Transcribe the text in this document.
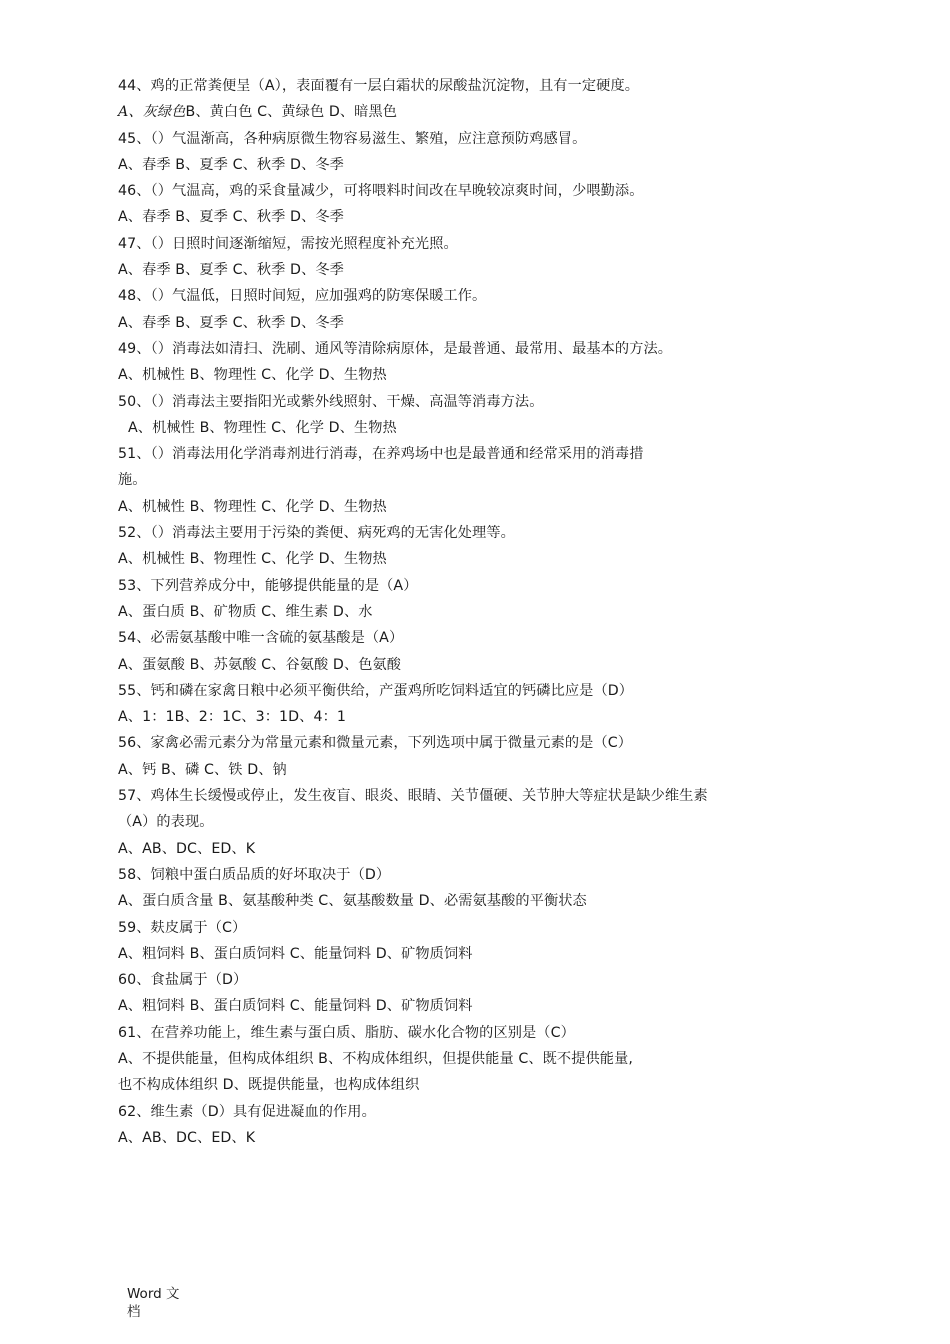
44、鸡的正常粪便呈（A），表面覆有一层白霜状的尿酸盐沉淀物，且有一定硬度。
A、灰绿色B、黄白色 C、黄绿色 D、暗黑色
45、（）气温渐高，各种病原微生物容易滋生、繁殖，应注意预防鸡感冒。
A、春季 B、夏季 C、秋季 D、冬季
46、（）气温高，鸡的采食量减少，可将喂料时间改在早晚较凉爽时间，少喂勤添。
A、春季 B、夏季 C、秋季 D、冬季
47、（）日照时间逐渐缩短，需按光照程度补充光照。
A、春季 B、夏季 C、秋季 D、冬季
48、（）气温低，日照时间短，应加强鸡的防寒保暖工作。
A、春季 B、夏季 C、秋季 D、冬季
49、（）消毒法如清扫、洗刷、通风等清除病原体，是最普通、最常用、最基本的方法。
A、机械性 B、物理性 C、化学 D、生物热
50、（）消毒法主要指阳光或紫外线照射、干燥、高温等消毒方法。
A、机械性 B、物理性 C、化学 D、生物热
51、（）消毒法用化学消毒剂进行消毒，在养鸡场中也是最普通和经常采用的消毒措
施。
A、机械性 B、物理性 C、化学 D、生物热
52、（）消毒法主要用于污染的粪便、病死鸡的无害化处理等。
A、机械性 B、物理性 C、化学 D、生物热
53、下列营养成分中，能够提供能量的是（A）
A、蛋白质 B、矿物质 C、维生素 D、水
54、必需氨基酸中唯一含硫的氨基酸是（A）
A、蛋氨酸 B、苏氨酸 C、谷氨酸 D、色氨酸
55、钙和磷在家禽日粮中必须平衡供给，产蛋鸡所吃饲料适宜的钙磷比应是（D）
A、1：1B、2：1C、3：1D、4：1
56、家禽必需元素分为常量元素和微量元素，下列选项中属于微量元素的是（C）
A、钙 B、磷 C、铁 D、钠
57、鸡体生长缓慢或停止，发生夜盲、眼炎、眼睛、关节僵硬、关节肿大等症状是缺少维生素
（A）的表现。
A、AB、DC、ED、K
58、饲粮中蛋白质品质的好坏取决于（D）
A、蛋白质含量 B、氨基酸种类 C、氨基酸数量 D、必需氨基酸的平衡状态
59、麸皮属于（C）
A、粗饲料 B、蛋白质饲料 C、能量饲料 D、矿物质饲料
60、食盐属于（D）
A、粗饲料 B、蛋白质饲料 C、能量饲料 D、矿物质饲料
61、在营养功能上，维生素与蛋白质、脂肪、碳水化合物的区别是（C）
A、不提供能量，但构成体组织 B、不构成体组织，但提供能量 C、既不提供能量,
也不构成体组织 D、既提供能量，也构成体组织
62、维生素（D）具有促进凝血的作用。
A、AB、DC、ED、K
Word 文
档
